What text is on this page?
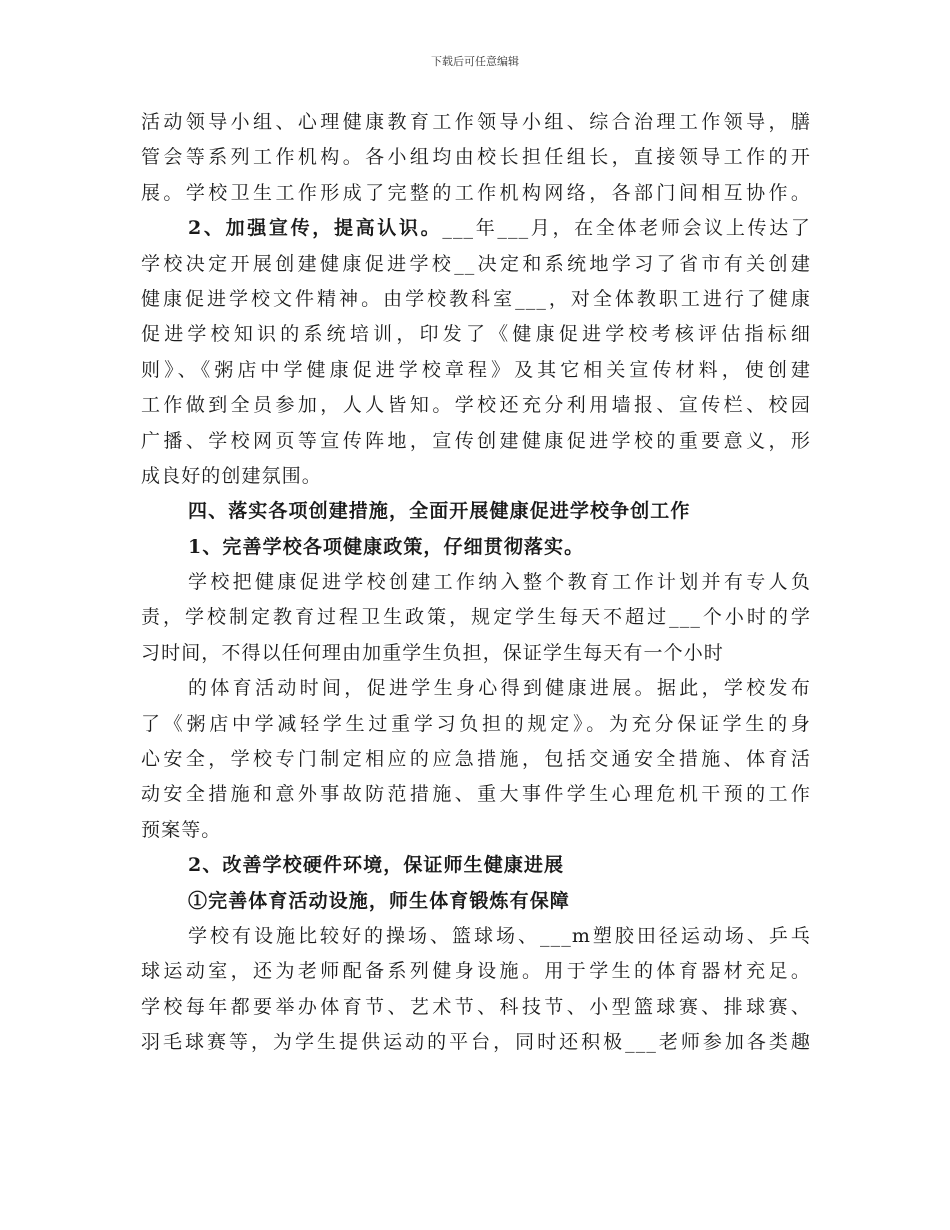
下载后可任意编辑
活动领导小组、心理健康教育工作领导小组、综合治理工作领导，膳
管会等系列工作机构。各小组均由校长担任组长，直接领导工作的开
展。学校卫生工作形成了完整的工作机构网络，各部门间相互协作。
2、加强宣传，提高认识。___年___月，在全体老师会议上传达了
学校决定开展创建健康促进学校__决定和系统地学习了省市有关创建
健康促进学校文件精神。由学校教科室___，对全体教职工进行了健康
促进学校知识的系统培训，印发了《健康促进学校考核评估指标细
则》、《粥店中学健康促进学校章程》及其它相关宣传材料，使创建
工作做到全员参加，人人皆知。学校还充分利用墙报、宣传栏、校园
广播、学校网页等宣传阵地，宣传创建健康促进学校的重要意义，形
成良好的创建氛围。
四、落实各项创建措施，全面开展健康促进学校争创工作
1、完善学校各项健康政策，仔细贯彻落实。
学校把健康促进学校创建工作纳入整个教育工作计划并有专人负
责，学校制定教育过程卫生政策，规定学生每天不超过___个小时的学
习时间，不得以任何理由加重学生负担，保证学生每天有一个小时
的体育活动时间，促进学生身心得到健康进展。据此，学校发布
了《粥店中学减轻学生过重学习负担的规定》。为充分保证学生的身
心安全，学校专门制定相应的应急措施，包括交通安全措施、体育活
动安全措施和意外事故防范措施、重大事件学生心理危机干预的工作
预案等。
2、改善学校硬件环境，保证师生健康进展
①完善体育活动设施，师生体育锻炼有保障
学校有设施比较好的操场、篮球场、___m塑胶田径运动场、乒乓
球运动室，还为老师配备系列健身设施。用于学生的体育器材充足。
学校每年都要举办体育节、艺术节、科技节、小型篮球赛、排球赛、
羽毛球赛等，为学生提供运动的平台，同时还积极___老师参加各类趣
